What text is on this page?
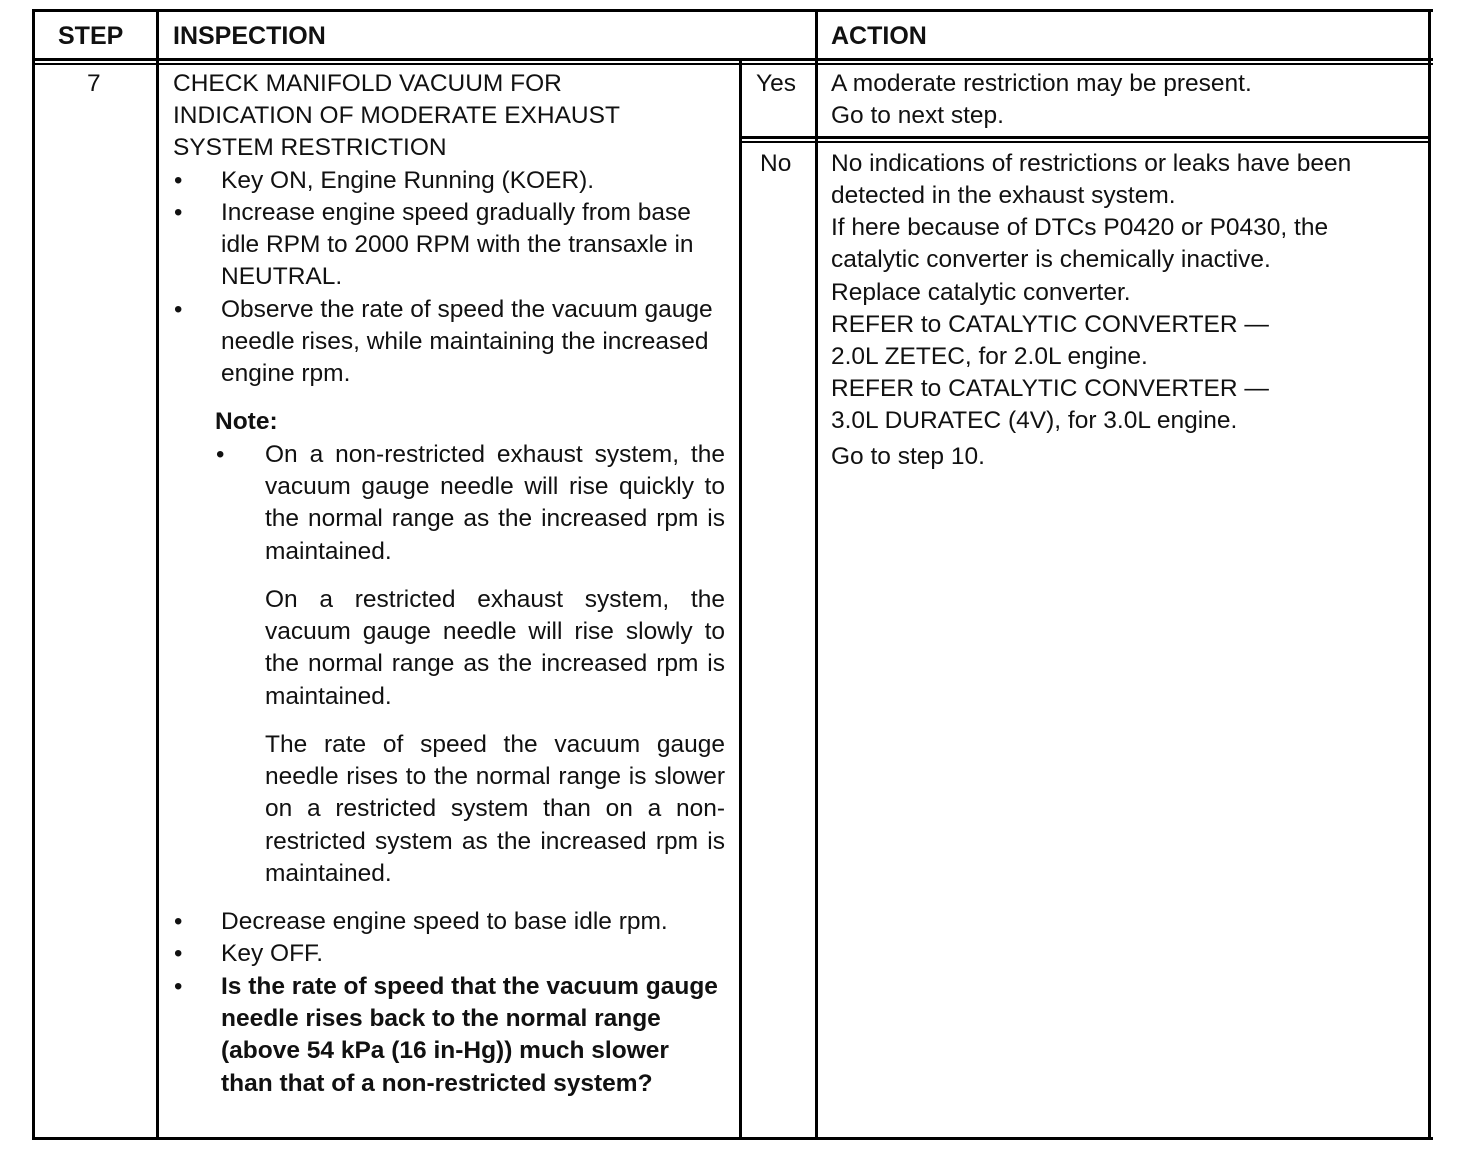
STEP INSPECTION	ACTION
7	CHECK MANIFOLD VACUUM FOR
INDICATION OF MODERATE EXHAUST
SYSTEM RESTRICTION
•
Key ON, Engine Running (KOER).
•
Increase engine speed gradually from base idle RPM to 2000 RPM with the transaxle in NEUTRAL.
•
Observe the rate of speed the vacuum gauge needle rises, while maintaining the increased engine rpm.
Note:
•
On a non-restricted exhaust system, the vacuum gauge needle will rise quickly to the normal range as the increased rpm is maintained.
On a restricted exhaust system, the vacuum gauge needle will rise slowly to the normal range as the increased rpm is maintained.
The rate of speed the vacuum gauge needle rises to the normal range is slower on a restricted system than on a non-restricted system as the increased rpm is maintained.
•
Decrease engine speed to base idle rpm.
•
Key OFF.
•
Is the rate of speed that the vacuum gauge needle rises back to the normal range (above 54 kPa (16 in-Hg)) much slower than that of a non-restricted system?
Yes
No
A moderate restriction may be present.
Go to next step.
No indications of restrictions or leaks have been
detected in the exhaust system.
If here because of DTCs P0420 or P0430, the
catalytic converter is chemically inactive.
Replace catalytic converter.
REFER to CATALYTIC CONVERTER —
2.0L ZETEC, for 2.0L engine.
REFER to CATALYTIC CONVERTER —
3.0L DURATEC (4V), for 3.0L engine.
Go to step 10.
